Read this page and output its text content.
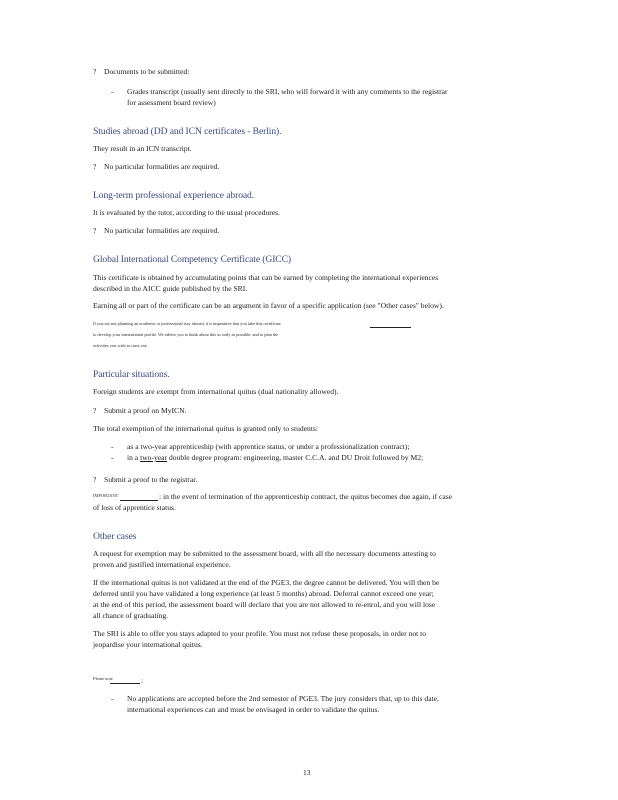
? Documents to be submitted:
- Grades transcript (usually sent directly to the SRI, who will forward it with any comments to the registrar
for assessment board review)
Studies abroad (DD and ICN certificates - Berlin).
They result in an ICN transcript.
? No particular formalities are required.
Long-term professional experience abroad.
It is evaluated by the tutor, according to the usual procedures.
? No particular formalities are required.
Global International Competency Certificate (GICC)
This certificate is obtained by accumulating points that can be earned by completing the international experiences
described in the AICC guide published by the SRI.
Earning all or part of the certificate can be an argument in favor of a specific application (see "Other cases" below).
If you are not planning an academic or professional stay abroad, it is imperative that you take this certificate
to develop your international profile. We advise you to think about this as early as possible, and to plan the
activities you wish to carry out.
Particular situations.
Foreign students are exempt from international quitus (dual nationality allowed).
? Submit a proof on MyICN.
The total exemption of the international quitus is granted only to students:
- as a two-year apprenticeship (with apprentice status, or under a professionalization contract);
- in a two-year double degree program: engineering, master C.C.A. and DU Droit followed by M2;
? Submit a proof to the registrar.
IMPORTANT	: in the event of termination of the apprenticeship contract, the quitus becomes due again, if case
of loss of apprentice status.
Other cases
A request for exemption may be submitted to the assessment board, with all the necessary documents attesting to
proven and justified international experience.
If the international quitus is not validated at the end of the PGE3, the degree cannot be delivered. You will then be
deferred until you have validated a long experience (at least 5 months) abroad. Deferral cannot exceed one year;
at the end of this period, the assessment board will declare that you are not allowed to re-enrol, and you will lose
all chance of graduating.
The SRI is able to offer you stays adapted to your profile. You must not refuse these proposals, in order not to
jeopardise your international quitus.
Please note	:
- No applications are accepted before the 2nd semester of PGE3. The jury considers that, up to this date,
international experiences can and must be envisaged in order to validate the quitus.
13
